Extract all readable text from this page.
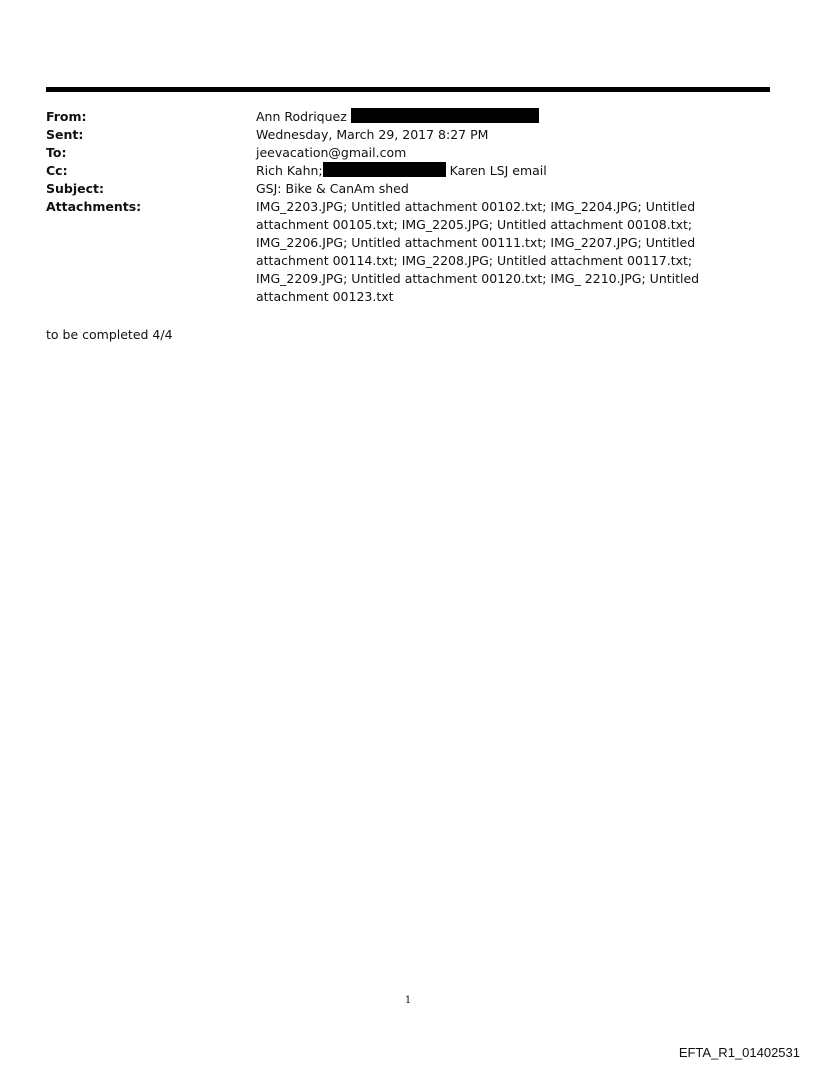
From:	Ann Rodriquez
Sent:	Wednesday, March 29, 2017 8:27 PM
To:	jeevacation@gmail.com
Cc:	Rich Kahn;	Karen LSJ email
Subject:	GSJ: Bike & CanAm shed
Attachments:	IMG_2203.JPG; Untitled attachment 00102.txt; IMG_2204.JPG; Untitled attachment 00105.txt; IMG_2205.JPG; Untitled attachment 00108.txt; IMG_2206.JPG; Untitled attachment 00111.txt; IMG_2207.JPG; Untitled attachment 00114.txt; IMG_2208.JPG; Untitled attachment 00117.txt; IMG_2209.JPG; Untitled attachment 00120.txt; IMG_ 2210.JPG; Untitled attachment 00123.txt
to be completed 4/4
1
EFTA_R1_01402531
